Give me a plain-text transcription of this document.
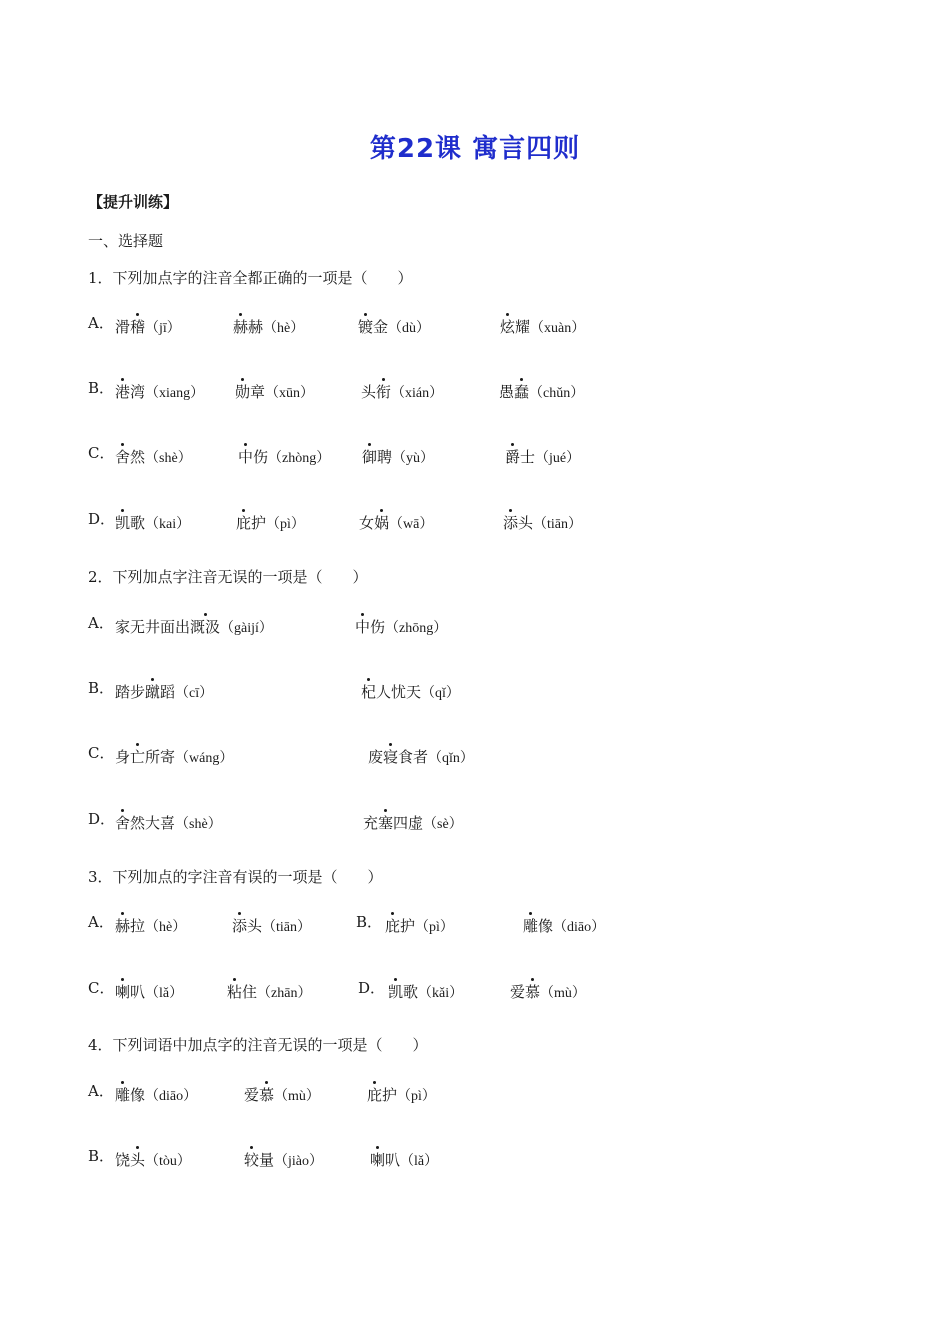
第22课 寓言四则
【提升训练】
一、选择题
1．下列加点字的注音全都正确的一项是（　　）
A． 滑稽（jī）	赫赫（hè）	镀金（dù）	炫耀（xuàn）
B． 港湾（xiang） 勋章（xūn）	头衔（xián）	愚蠢（chǔn）
C． 舍然（shè）	中伤（zhòng） 御聘（yù）	爵士（jué）
D． 凯歌（kai）	庇护（pì）	女娲（wā）	添头（tiān）
2．下列加点字注音无误的一项是（　　）
A． 家无井面出溉汲（gàijí）	中伤（zhōng）
B． 踏步蹴蹈（cī）	杞人忧天（qǐ）
C． 身亡所寄（wáng）	废寝食者（qǐn）
D． 舍然大喜（shè）	充塞四虚（sè）
3．下列加点的字注音有误的一项是（　　）
A． 赫拉（hè）	添头（tiān）	B． 庇护（pì）	雕像（diāo）
C． 喇叭（lǎ）	粘住（zhān）	D． 凯歌（kǎi）	爱慕（mù）
4．下列词语中加点字的注音无误的一项是（　　）
A． 雕像（diāo）	爱慕（mù）	庇护（pì）
B． 饶头（tòu）	较量（jiào）	喇叭（lǎ）
